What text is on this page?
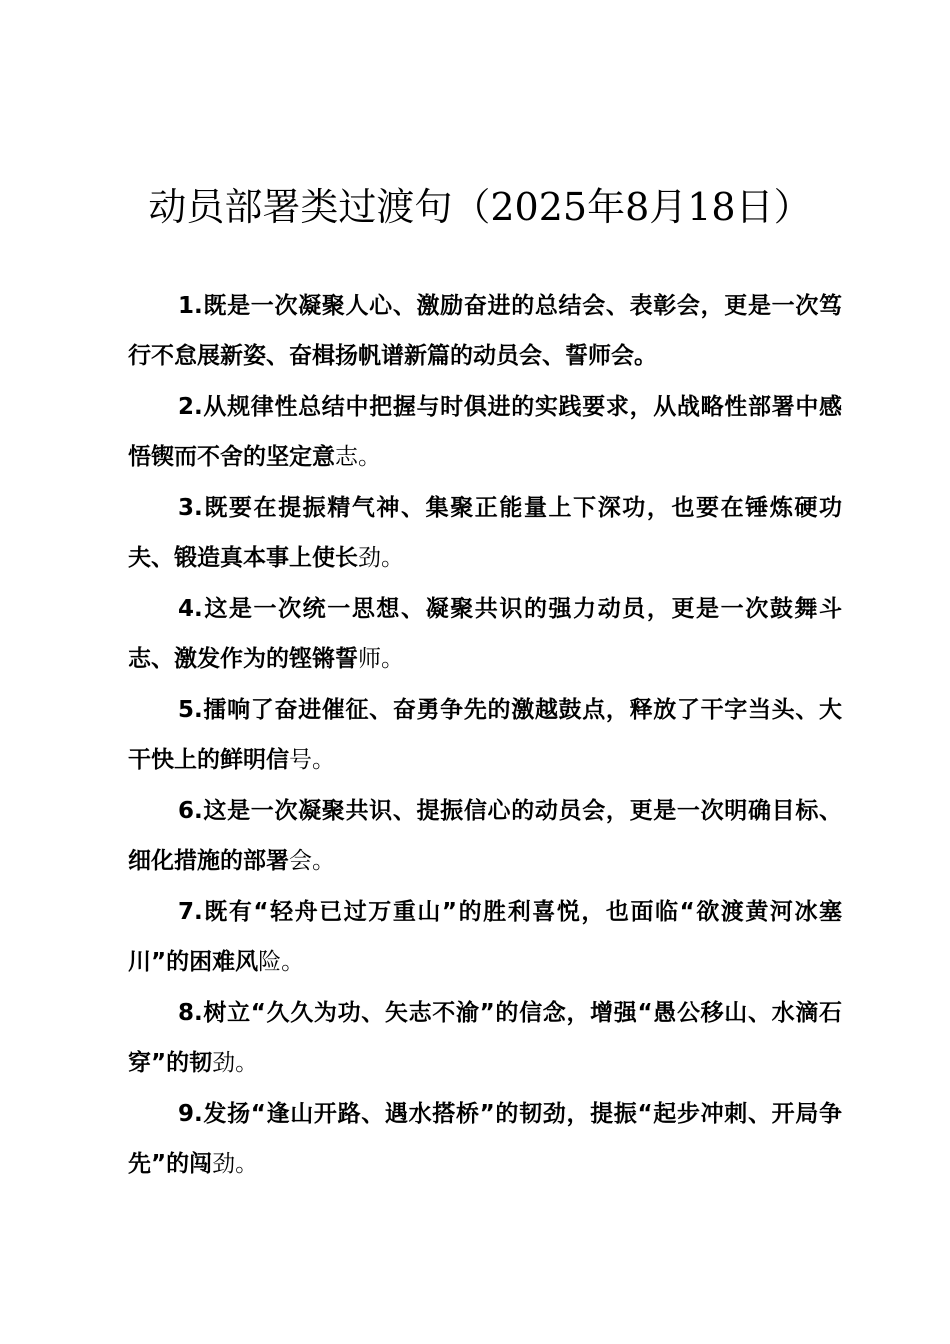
动员部署类过渡句（2025年8月18日）

1.既是一次凝聚人心、激励奋进的总结会、表彰会，更是一次笃行不怠展新姿、奋楫扬帆谱新篇的动员会、誓师会。

2.从规律性总结中把握与时俱进的实践要求，从战略性部署中感悟锲而不舍的坚定意志。

3.既要在提振精气神、集聚正能量上下深功，也要在锤炼硬功夫、锻造真本事上使长劲。

4.这是一次统一思想、凝聚共识的强力动员，更是一次鼓舞斗志、激发作为的铿锵誓师。

5.擂响了奋进催征、奋勇争先的激越鼓点，释放了干字当头、大干快上的鲜明信号。

6.这是一次凝聚共识、提振信心的动员会，更是一次明确目标、细化措施的部署会。

7.既有“轻舟已过万重山”的胜利喜悦，也面临“欲渡黄河冰塞川”的困难风险。

8.树立“久久为功、矢志不渝”的信念，增强“愚公移山、水滴石穿”的韧劲。

9.发扬“逢山开路、遇水搭桥”的韧劲，提振“起步冲刺、开局争先”的闯劲。
